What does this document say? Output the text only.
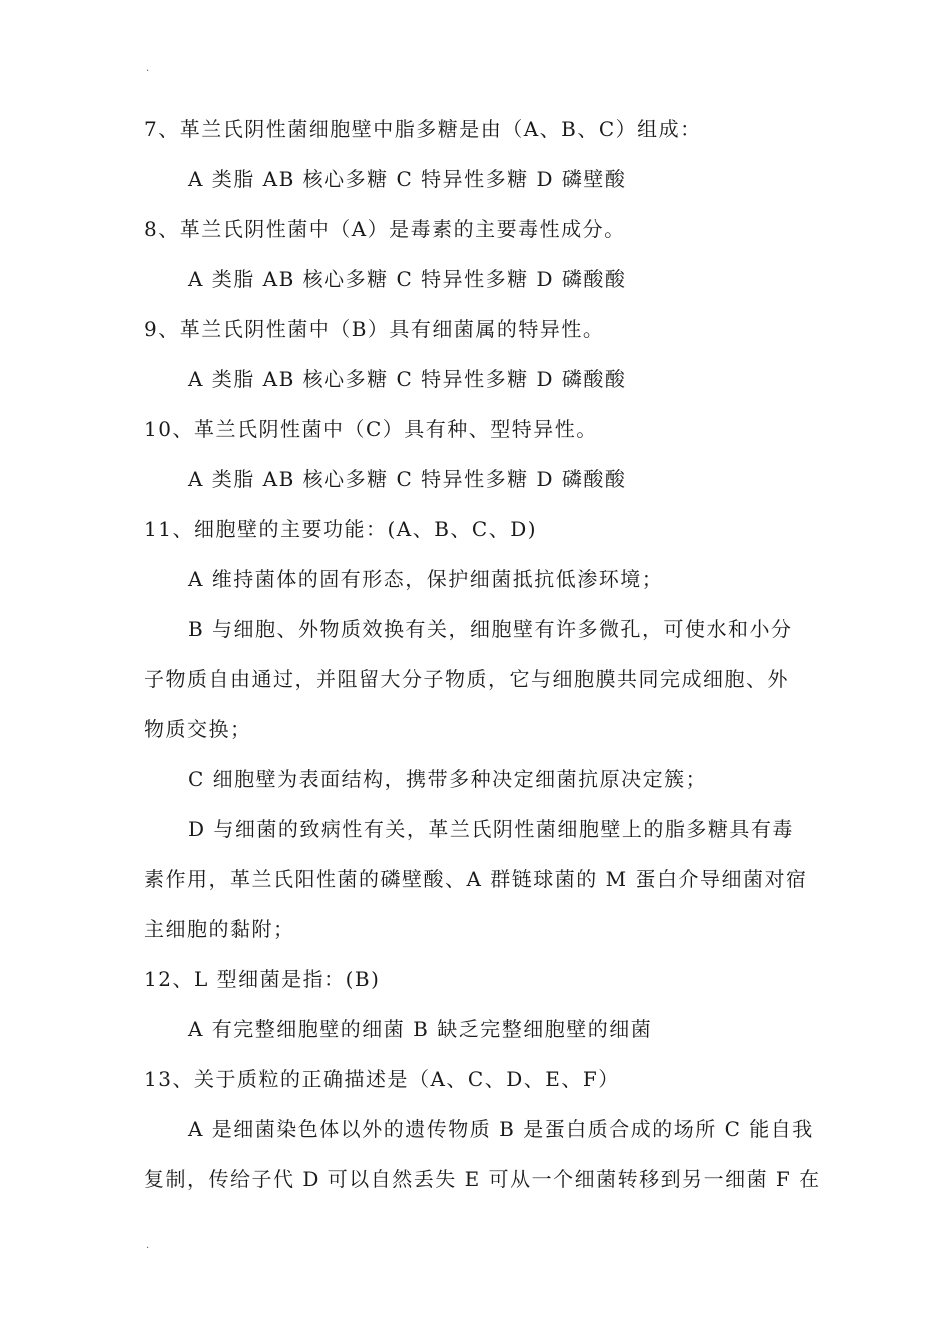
.
7、革兰氏阴性菌细胞壁中脂多糖是由（A、B、C）组成：
A 类脂 AB 核心多糖 C 特异性多糖 D 磷壁酸
8、革兰氏阴性菌中（A）是毒素的主要毒性成分。
A 类脂 AB 核心多糖 C 特异性多糖 D 磷酸酸
9、革兰氏阴性菌中（B）具有细菌属的特异性。
A 类脂 AB 核心多糖 C 特异性多糖 D 磷酸酸
10、革兰氏阴性菌中（C）具有种、型特异性。
A 类脂 AB 核心多糖 C 特异性多糖 D 磷酸酸
11、细胞壁的主要功能：(A、B、C、D)
A 维持菌体的固有形态，保护细菌抵抗低渗环境；
B 与细胞、外物质效换有关，细胞壁有许多微孔，可使水和小分
子物质自由通过，并阻留大分子物质，它与细胞膜共同完成细胞、外
物质交换；
C 细胞壁为表面结构，携带多种决定细菌抗原决定簇；
D 与细菌的致病性有关，革兰氏阴性菌细胞壁上的脂多糖具有毒
素作用，革兰氏阳性菌的磷壁酸、A 群链球菌的 M 蛋白介导细菌对宿
主细胞的黏附；
12、L 型细菌是指：(B)
A 有完整细胞壁的细菌 B 缺乏完整细胞壁的细菌
13、关于质粒的正确描述是（A、C、D、E、F）
A 是细菌染色体以外的遗传物质 B 是蛋白质合成的场所 C 能自我
复制，传给子代 D 可以自然丢失 E 可从一个细菌转移到另一细菌 F 在
.
